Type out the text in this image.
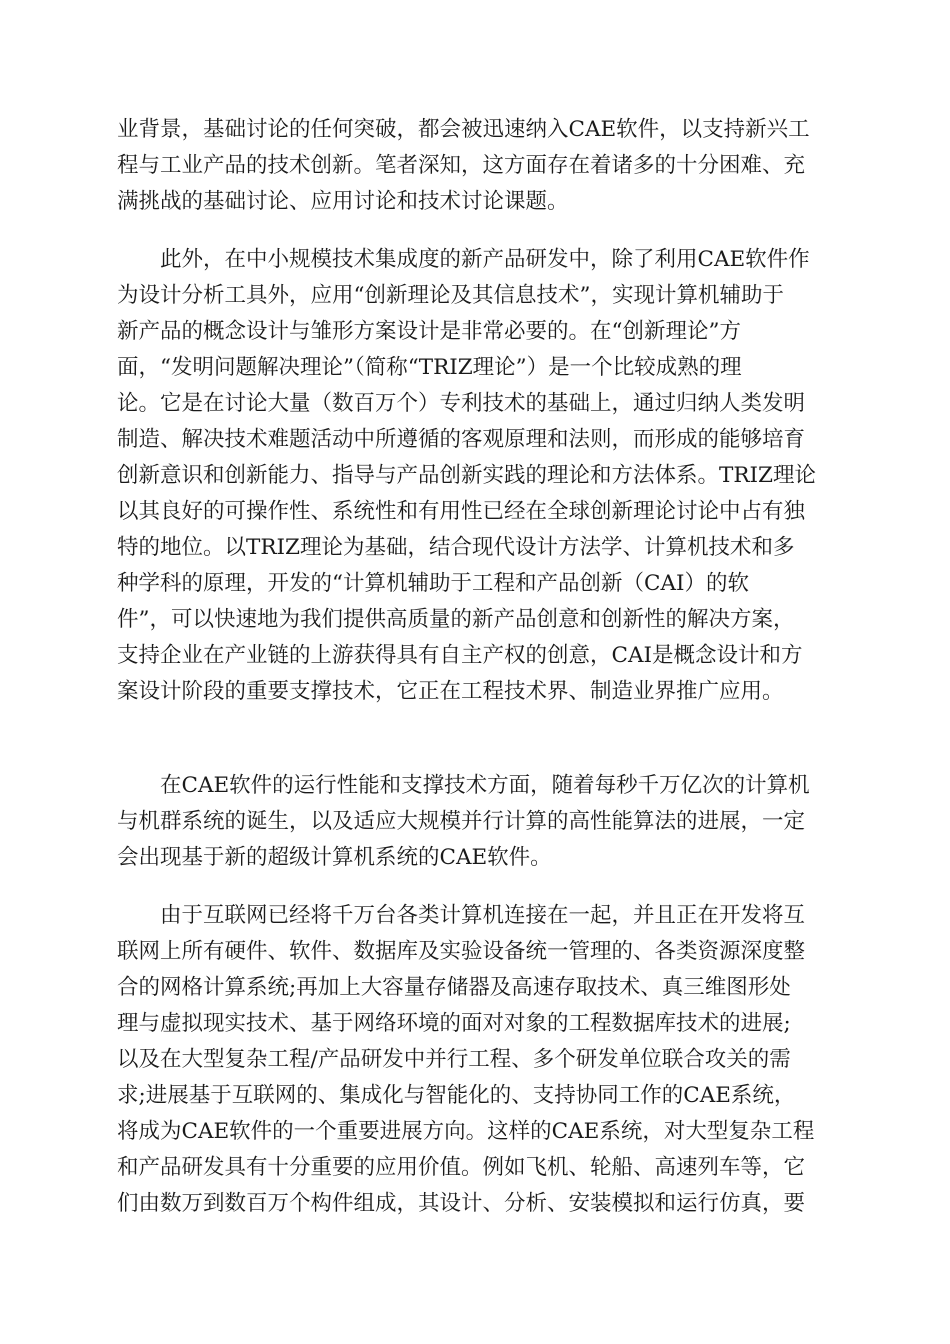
业背景，基础讨论的任何突破，都会被迅速纳入CAE软件，以支持新兴工
程与工业产品的技术创新。笔者深知，这方面存在着诸多的十分困难、充
满挑战的基础讨论、应用讨论和技术讨论课题。
　　此外，在中小规模技术集成度的新产品研发中，除了利用CAE软件作
为设计分析工具外，应用“创新理论及其信息技术”，实现计算机辅助于
新产品的概念设计与雏形方案设计是非常必要的。在“创新理论”方
面，“发明问题解决理论”（简称“TRIZ理论”）是一个比较成熟的理
论。它是在讨论大量（数百万个）专利技术的基础上，通过归纳人类发明
制造、解决技术难题活动中所遵循的客观原理和法则，而形成的能够培育
创新意识和创新能力、指导与产品创新实践的理论和方法体系。TRIZ理论
以其良好的可操作性、系统性和有用性已经在全球创新理论讨论中占有独
特的地位。以TRIZ理论为基础，结合现代设计方法学、计算机技术和多
种学科的原理，开发的“计算机辅助于工程和产品创新（CAI）的软
件”，可以快速地为我们提供高质量的新产品创意和创新性的解决方案，
支持企业在产业链的上游获得具有自主产权的创意，CAI是概念设计和方
案设计阶段的重要支撑技术，它正在工程技术界、制造业界推广应用。
　　在CAE软件的运行性能和支撑技术方面，随着每秒千万亿次的计算机
与机群系统的诞生，以及适应大规模并行计算的高性能算法的进展，一定
会出现基于新的超级计算机系统的CAE软件。
　　由于互联网已经将千万台各类计算机连接在一起，并且正在开发将互
联网上所有硬件、软件、数据库及实验设备统一管理的、各类资源深度整
合的网格计算系统;再加上大容量存储器及高速存取技术、真三维图形处
理与虚拟现实技术、基于网络环境的面对对象的工程数据库技术的进展;
以及在大型复杂工程/产品研发中并行工程、多个研发单位联合攻关的需
求;进展基于互联网的、集成化与智能化的、支持协同工作的CAE系统，
将成为CAE软件的一个重要进展方向。这样的CAE系统，对大型复杂工程
和产品研发具有十分重要的应用价值。例如飞机、轮船、高速列车等，它
们由数万到数百万个构件组成，其设计、分析、安装模拟和运行仿真，要
